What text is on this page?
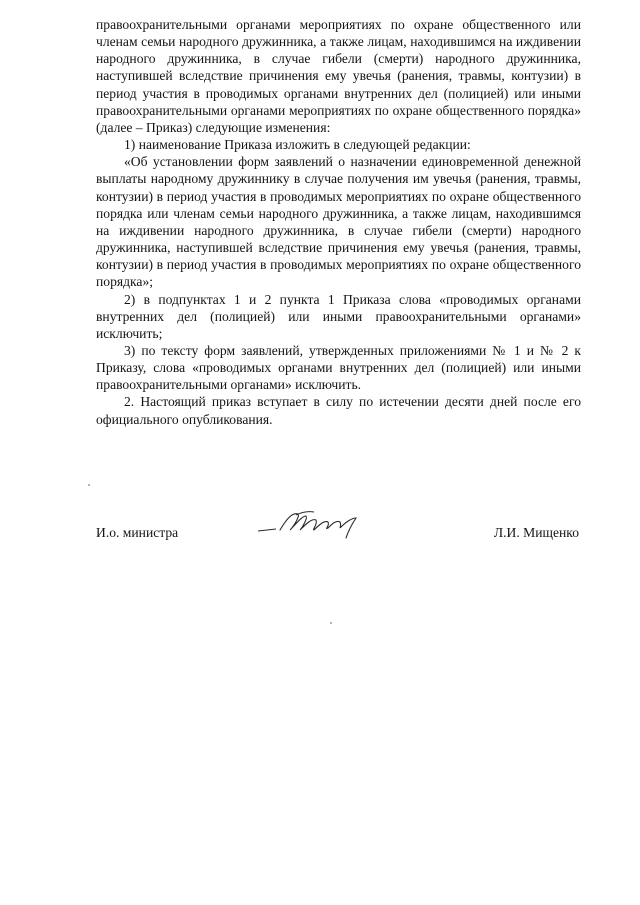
правоохранительными органами мероприятиях по охране общественного или членам семьи народного дружинника, а также лицам, находившимся на иждивении народного дружинника, в случае гибели (смерти) народного дружинника, наступившей вследствие причинения ему увечья (ранения, травмы, контузии) в период участия в проводимых органами внутренних дел (полицией) или иными правоохранительными органами мероприятиях по охране общественного порядка» (далее – Приказ) следующие изменения:

1) наименование Приказа изложить в следующей редакции:

«Об установлении форм заявлений о назначении единовременной денежной выплаты народному дружиннику в случае получения им увечья (ранения, травмы, контузии) в период участия в проводимых мероприятиях по охране общественного порядка или членам семьи народного дружинника, а также лицам, находившимся на иждивении народного дружинника, в случае гибели (смерти) народного дружинника, наступившей вследствие причинения ему увечья (ранения, травмы, контузии) в период участия в проводимых мероприятиях по охране общественного порядка»;

2) в подпунктах 1 и 2 пункта 1 Приказа слова «проводимых органами внутренних дел (полицией) или иными правоохранительными органами» исключить;

3) по тексту форм заявлений, утвержденных приложениями № 1 и № 2 к Приказу, слова «проводимых органами внутренних дел (полицией) или иными правоохранительными органами» исключить.

2. Настоящий приказ вступает в силу по истечении десяти дней после его официального опубликования.

И.о. министра	Л.И. Мищенко
